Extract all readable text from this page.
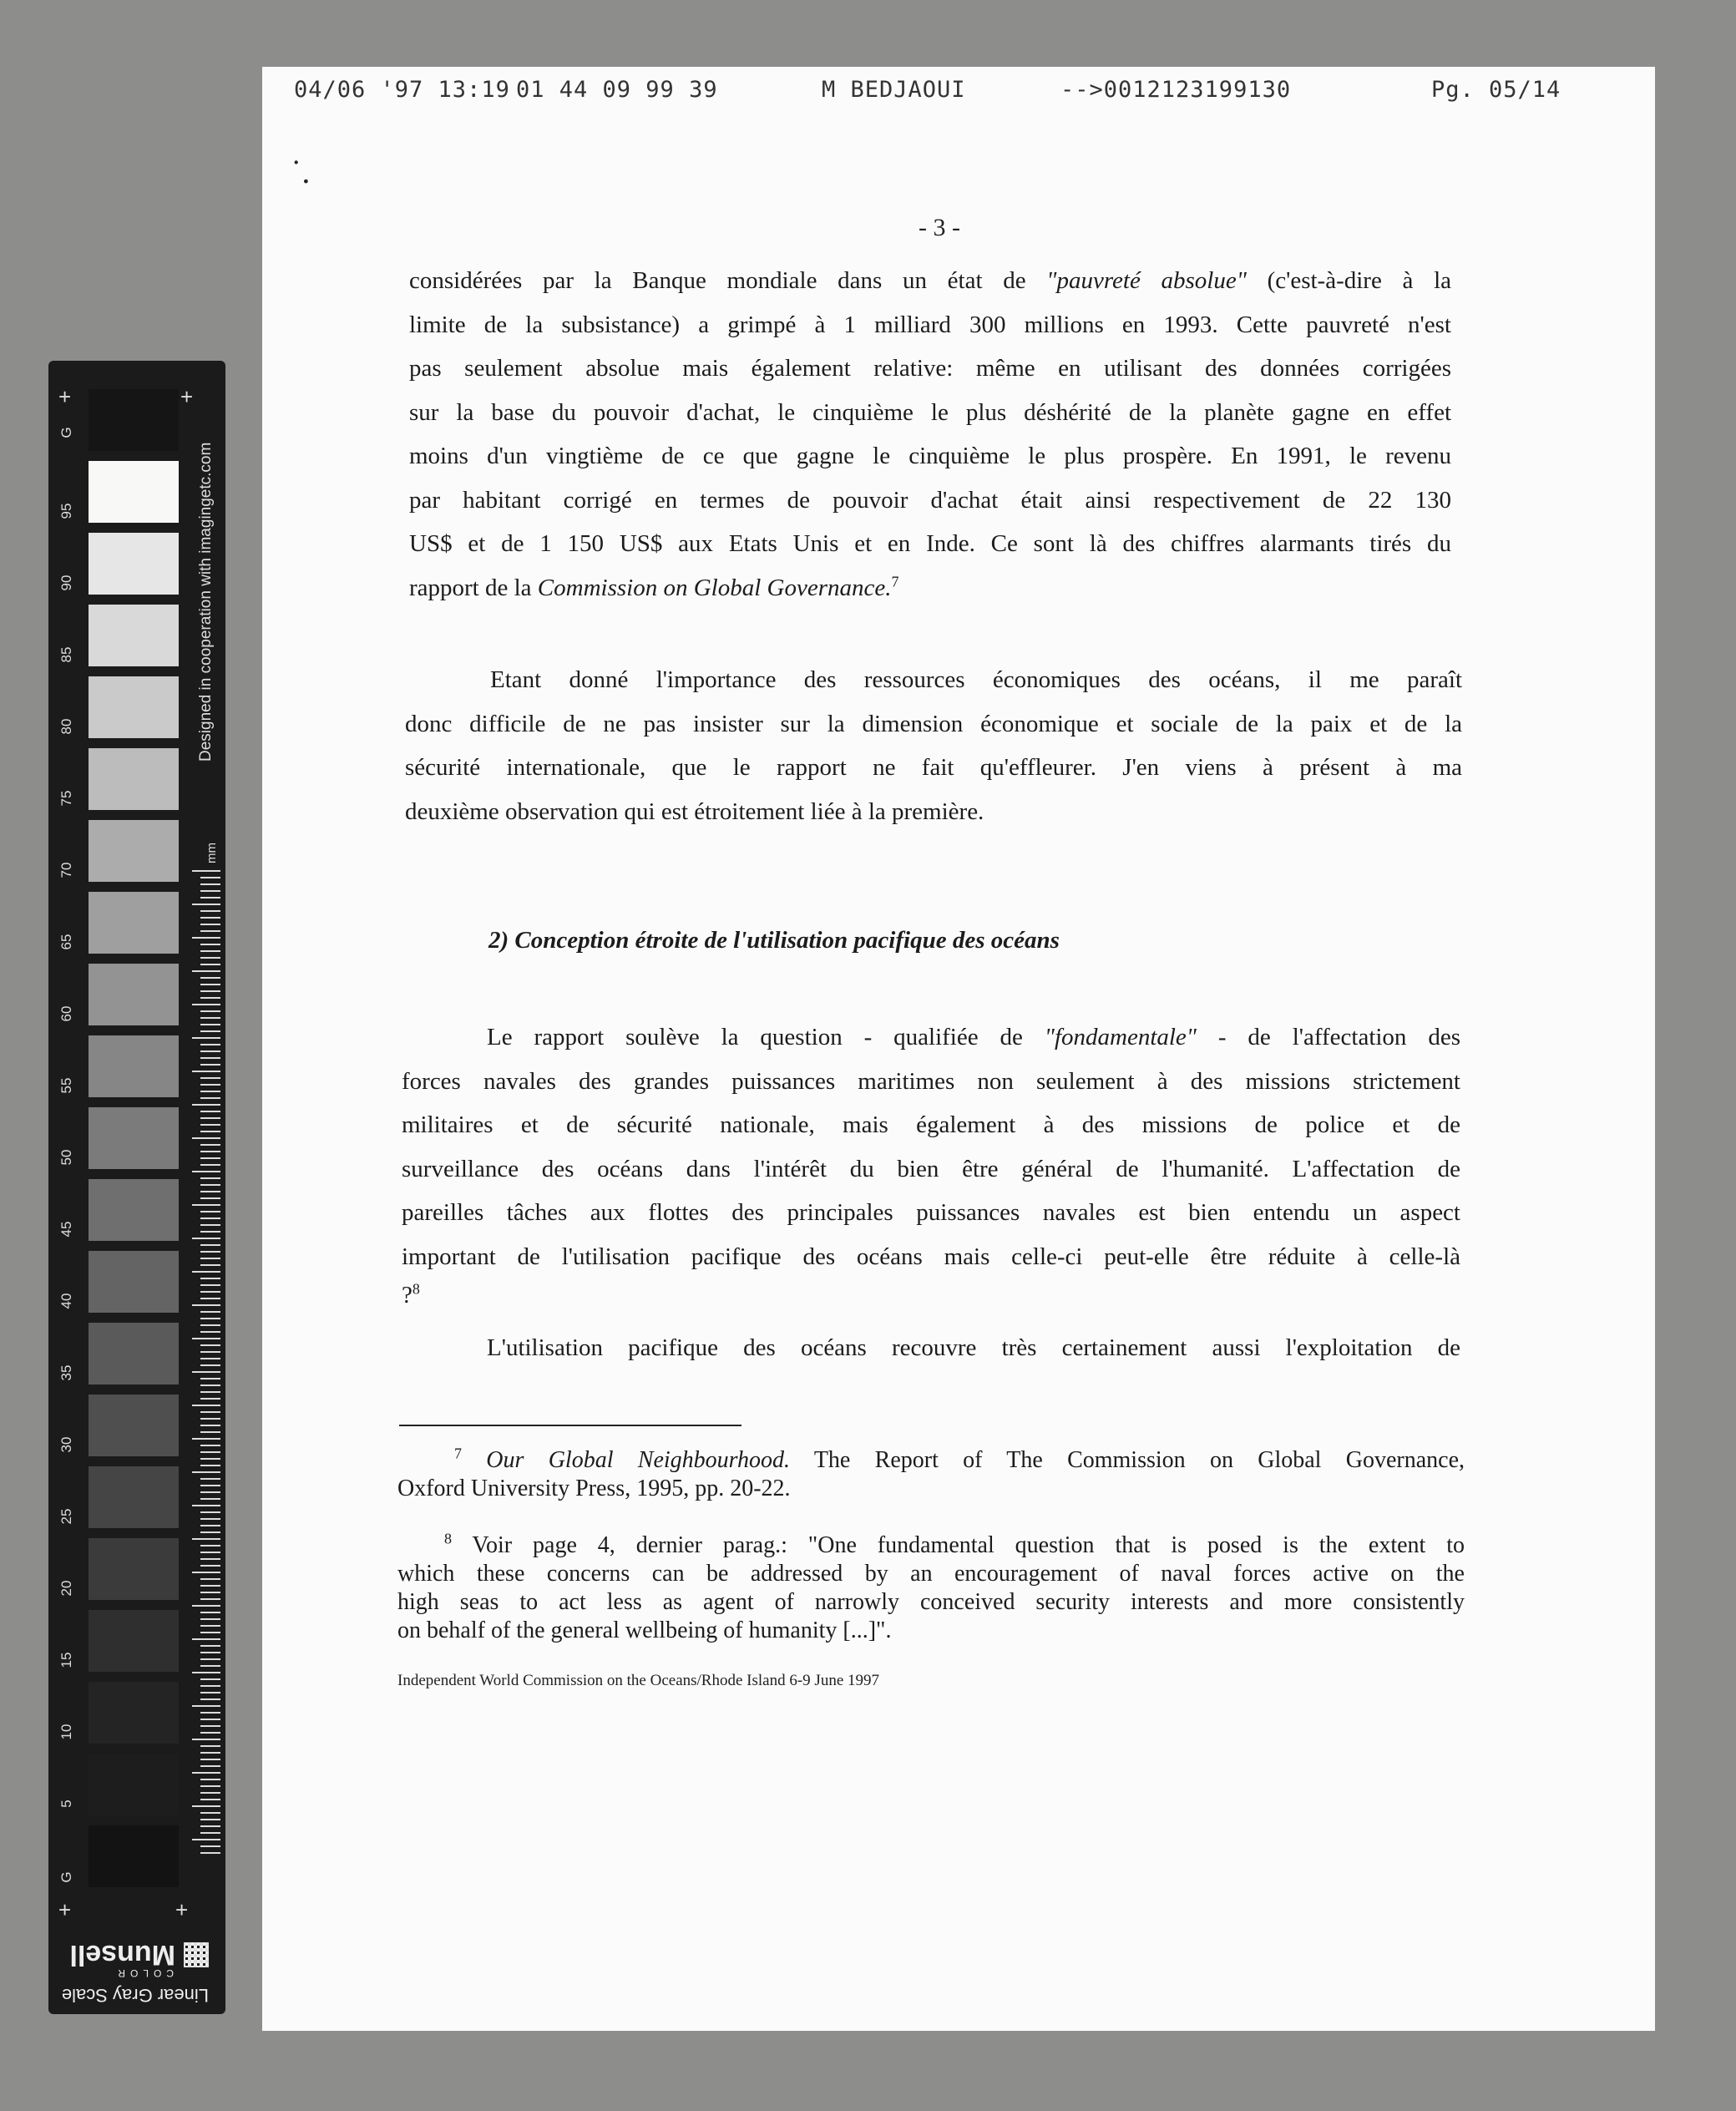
+	+
G
95
90
85
80
75
70
65
60
55
50
45
40
35
30
25
20
15
10
5
G
Designed in cooperation with imagingetc.com
mm
+	+
Linear Gray Scale
COLOR
Munsell
04/06 '97 13:19 01 44 09 99 39	M BEDJAOUI	-->0012123199130	Pg. 05/14
˙.
- 3 -
considérées par la Banque mondiale dans un état de "pauvreté absolue" (c'est-à-dire à la
limite de la subsistance) a grimpé à 1 milliard 300 millions en 1993. Cette pauvreté n'est
pas seulement absolue mais également relative: même en utilisant des données corrigées
sur la base du pouvoir d'achat, le cinquième le plus déshérité de la planète gagne en effet
moins d'un vingtième de ce que gagne le cinquième le plus prospère. En 1991, le revenu
par habitant corrigé en termes de pouvoir d'achat était ainsi respectivement de 22 130
US$ et de 1 150 US$ aux Etats Unis et en Inde. Ce sont là des chiffres alarmants tirés du
rapport de la Commission on Global Governance.$^7$
Etant donné l'importance des ressources économiques des océans, il me paraît
donc difficile de ne pas insister sur la dimension économique et sociale de la paix et de la
sécurité internationale, que le rapport ne fait qu'effleurer. J'en viens à présent à ma
deuxième observation qui est étroitement liée à la première.
2) Conception étroite de l'utilisation pacifique des océans
Le rapport soulève la question - qualifiée de "fondamentale" - de l'affectation des
forces navales des grandes puissances maritimes non seulement à des missions strictement
militaires et de sécurité nationale, mais également à des missions de police et de
surveillance des océans dans l'intérêt du bien être général de l'humanité. L'affectation de
pareilles tâches aux flottes des principales puissances navales est bien entendu un aspect
important de l'utilisation pacifique des océans mais celle-ci peut-elle être réduite à celle-là
?$^8$
L'utilisation pacifique des océans recouvre très certainement aussi l'exploitation de
$^7$ Our Global Neighbourhood. The Report of The Commission on Global Governance,
Oxford University Press, 1995, pp. 20-22.
$^8$ Voir page 4, dernier parag.: "One fundamental question that is posed is the extent to
which these concerns can be addressed by an encouragement of naval forces active on the
high seas to act less as agent of narrowly conceived security interests and more consistently
on behalf of the general wellbeing of humanity [...]".
Independent World Commission on the Oceans/Rhode Island 6-9 June 1997
